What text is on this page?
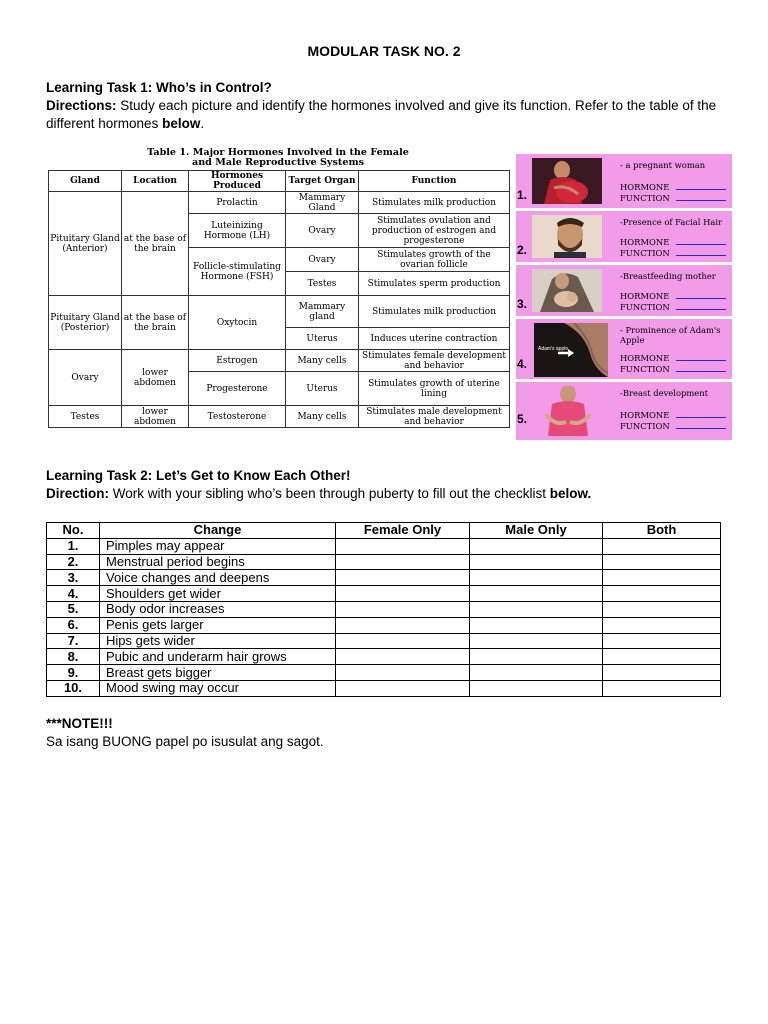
MODULAR TASK NO. 2
Learning Task 1: Who’s in Control?
Directions: Study each picture and identify the hormones involved and give its function. Refer to the table of the different hormones below.
Table 1. Major Hormones Involved in the Female
and Male Reproductive Systems
Gland	Location	Hormones Produced	Target Organ	Function
Pituitary Gland (Anterior)	at the base of the brain	Prolactin	Mammary Gland	Stimulates milk production
		Luteinizing Hormone (LH)	Ovary	Stimulates ovulation and production of estrogen and progesterone
		Follicle-stimulating Hormone (FSH)	Ovary	Stimulates growth of the ovarian follicle
			Testes	Stimulates sperm production
Pituitary Gland (Posterior)	at the base of the brain	Oxytocin	Mammary gland	Stimulates milk production
			Uterus	Induces uterine contraction
Ovary	lower abdomen	Estrogen	Many cells	Stimulates female development and behavior
		Progesterone	Uterus	Stimulates growth of uterine lining
Testes	lower abdomen	Testosterone	Many cells	Stimulates male development and behavior
1.
- a pregnant woman
HORMONE
FUNCTION
2.
-Presence of Facial Hair
HORMONE
FUNCTION
3.
-Breastfeeding mother
HORMONE
FUNCTION
4.
Adam's apple
- Prominence of Adam's Apple
HORMONE
FUNCTION
5.
-Breast development
HORMONE
FUNCTION
Learning Task 2: Let’s Get to Know Each Other!
Direction: Work with your sibling who’s been through puberty to fill out the checklist below.
No.	Change	Female Only	Male Only	Both
1.	Pimples may appear			
2.	Menstrual period begins			
3.	Voice changes and deepens			
4.	Shoulders get wider			
5.	Body odor increases			
6.	Penis gets larger			
7.	Hips gets wider			
8.	Pubic and underarm hair grows			
9.	Breast gets bigger			
10.	Mood swing may occur			
***NOTE!!!
Sa isang BUONG papel po isusulat ang sagot.
